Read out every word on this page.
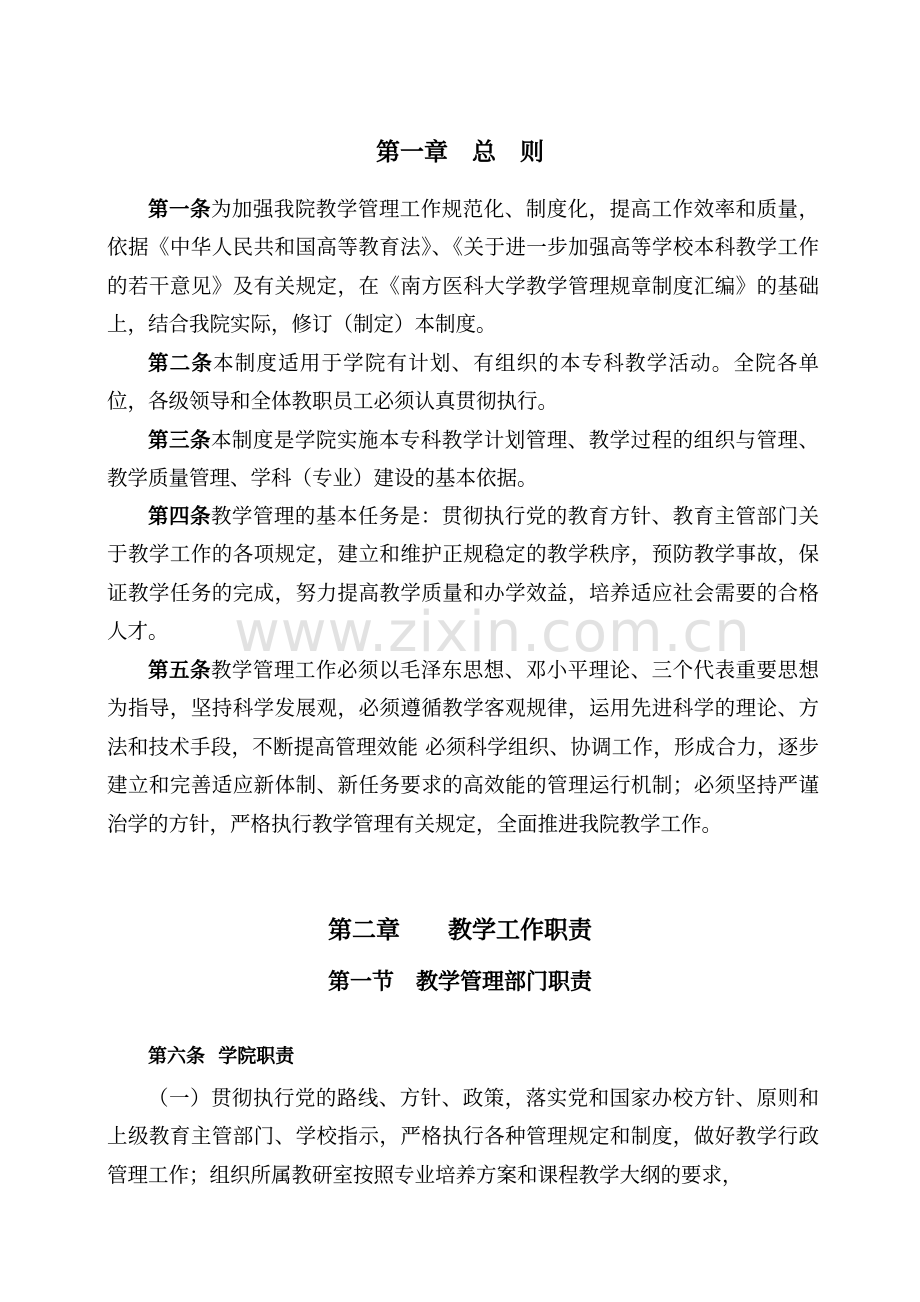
第一章　总　则

第一条为加强我院教学管理工作规范化、制度化，提高工作效率和质量，依据《中华人民共和国高等教育法》、《关于进一步加强高等学校本科教学工作的若干意见》及有关规定，在《南方医科大学教学管理规章制度汇编》的基础上，结合我院实际，修订（制定）本制度。

第二条本制度适用于学院有计划、有组织的本专科教学活动。全院各单位，各级领导和全体教职员工必须认真贯彻执行。

第三条本制度是学院实施本专科教学计划管理、教学过程的组织与管理、教学质量管理、学科（专业）建设的基本依据。

第四条教学管理的基本任务是：贯彻执行党的教育方针、教育主管部门关于教学工作的各项规定，建立和维护正规稳定的教学秩序，预防教学事故，保证教学任务的完成，努力提高教学质量和办学效益，培养适应社会需要的合格人才。

第五条教学管理工作必须以毛泽东思想、邓小平理论、三个代表重要思想为指导，坚持科学发展观，必须遵循教学客观规律，运用先进科学的理论、方法和技术手段，不断提高管理效能 必须科学组织、协调工作，形成合力，逐步建立和完善适应新体制、新任务要求的高效能的管理运行机制；必须坚持严谨治学的方针，严格执行教学管理有关规定，全面推进我院教学工作。

第二章　　教学工作职责
第一节　教学管理部门职责
第六条  学院职责

（一）贯彻执行党的路线、方针、政策，落实党和国家办校方针、原则和上级教育主管部门、学校指示，严格执行各种管理规定和制度，做好教学行政管理工作；组织所属教研室按照专业培养方案和课程教学大纲的要求，

www.zixin.com.cn
